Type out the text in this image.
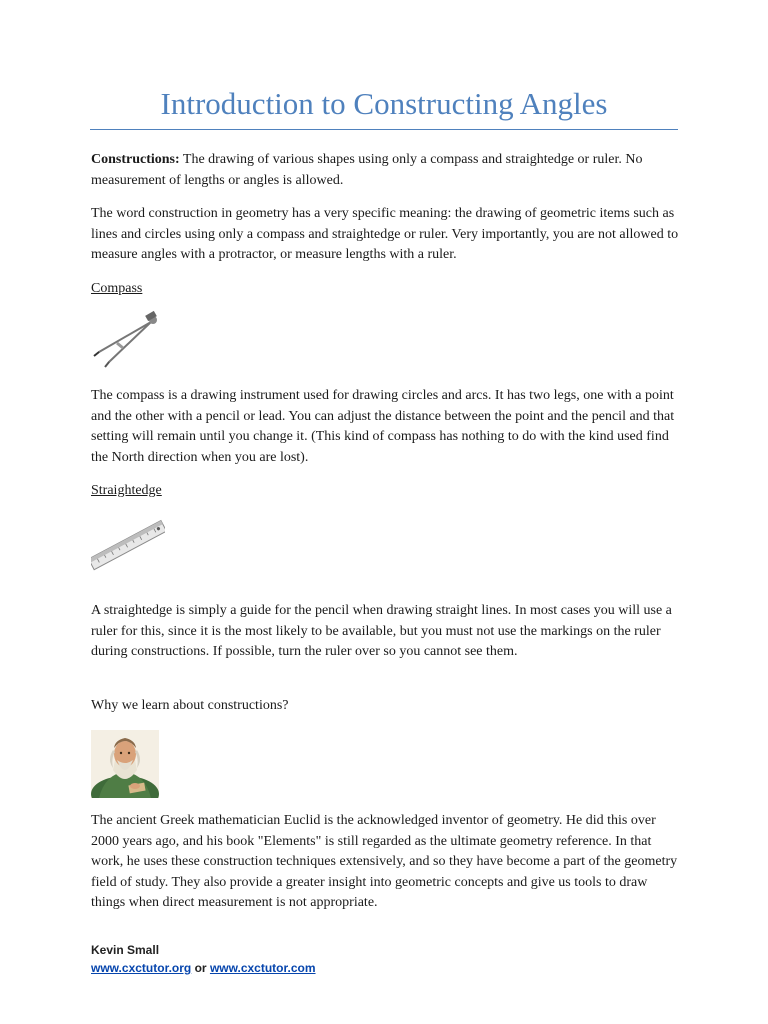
Introduction to Constructing Angles

Constructions: The drawing of various shapes using only a compass and straightedge or ruler. No measurement of lengths or angles is allowed.

The word construction in geometry has a very specific meaning: the drawing of geometric items such as lines and circles using only a compass and straightedge or ruler. Very importantly, you are not allowed to measure angles with a protractor, or measure lengths with a ruler.

Compass

The compass is a drawing instrument used for drawing circles and arcs. It has two legs, one with a point and the other with a pencil or lead. You can adjust the distance between the point and the pencil and that setting will remain until you change it. (This kind of compass has nothing to do with the kind used find the North direction when you are lost).

Straightedge

A straightedge is simply a guide for the pencil when drawing straight lines. In most cases you will use a ruler for this, since it is the most likely to be available, but you must not use the markings on the ruler during constructions. If possible, turn the ruler over so you cannot see them.

Why we learn about constructions?

The ancient Greek mathematician Euclid is the acknowledged inventor of geometry. He did this over 2000 years ago, and his book "Elements" is still regarded as the ultimate geometry reference. In that work, he uses these construction techniques extensively, and so they have become a part of the geometry field of study. They also provide a greater insight into geometric concepts and give us tools to draw things when direct measurement is not appropriate.

Kevin Small
www.cxctutor.org or www.cxctutor.com
